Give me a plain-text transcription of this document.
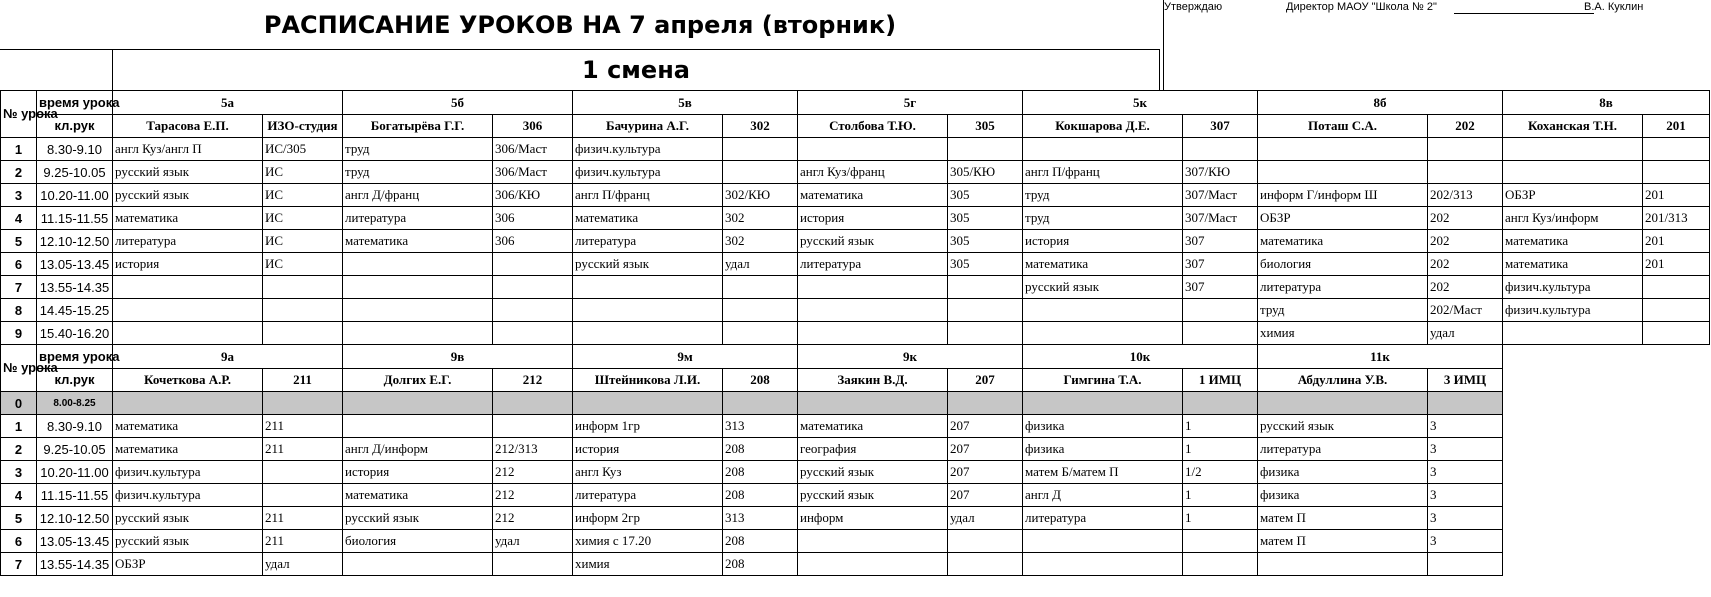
РАСПИСАНИЕ УРОКОВ НА 7 апреля (вторник)
Утверждаю	Директор МАОУ "Школа № 2"	В.А. Куклин
1 смена
№ урока	время урока	5а		5б		5в		5г		5к		8б		8в	
	кл.рук	Тарасова Е.П.	ИЗО-студия	Богатырёва Г.Г.	306	Бачурина А.Г.	302	Столбова Т.Ю.	305	Кокшарова Д.Е.	307	Поташ С.А.	202	Коханская Т.Н.	201
1	8.30-9.10	англ Куз/англ П	ИС/305	труд	306/Маст	физич.культура									
2	9.25-10.05	русский язык	ИС	труд	306/Маст	физич.культура		англ Куз/франц	305/КЮ	англ П/франц	307/КЮ				
3	10.20-11.00	русский язык	ИС	англ Д/франц	306/КЮ	англ П/франц	302/КЮ	математика	305	труд	307/Маст	информ Г/информ Ш	202/313	ОБЗР	201
4	11.15-11.55	математика	ИС	литература	306	математика	302	история	305	труд	307/Маст	ОБЗР	202	англ Куз/информ	201/313
5	12.10-12.50	литература	ИС	математика	306	литература	302	русский язык	305	история	307	математика	202	математика	201
6	13.05-13.45	история	ИС			русский язык	удал	литература	305	математика	307	биология	202	математика	201
7	13.55-14.35									русский язык	307	литература	202	физич.культура	
8	14.45-15.25											труд	202/Маст	физич.культура	
9	15.40-16.20											химия	удал		
№ урока	время урока	9а		9в		9м		9к		10к		11к			
	кл.рук	Кочеткова А.Р.	211	Долгих Е.Г.	212	Штейникова Л.И.	208	Заякин В.Д.	207	Гимгина Т.А.	1 ИМЦ	Абдуллина У.В.	3 ИМЦ		
0	8.00-8.25														
1	8.30-9.10	математика	211			информ 1гр	313	математика	207	физика	1	русский язык	3		
2	9.25-10.05	математика	211	англ Д/информ	212/313	история	208	география	207	физика	1	литература	3		
3	10.20-11.00	физич.культура		история	212	англ Куз	208	русский язык	207	матем Б/матем П	1/2	физика	3		
4	11.15-11.55	физич.культура		математика	212	литература	208	русский язык	207	англ Д	1	физика	3		
5	12.10-12.50	русский язык	211	русский язык	212	информ 2гр	313	информ	удал	литература	1	матем П	3		
6	13.05-13.45	русский язык	211	биология	удал	химия с 17.20	208					матем П	3		
7	13.55-14.35	ОБЗР	удал			химия	208								
